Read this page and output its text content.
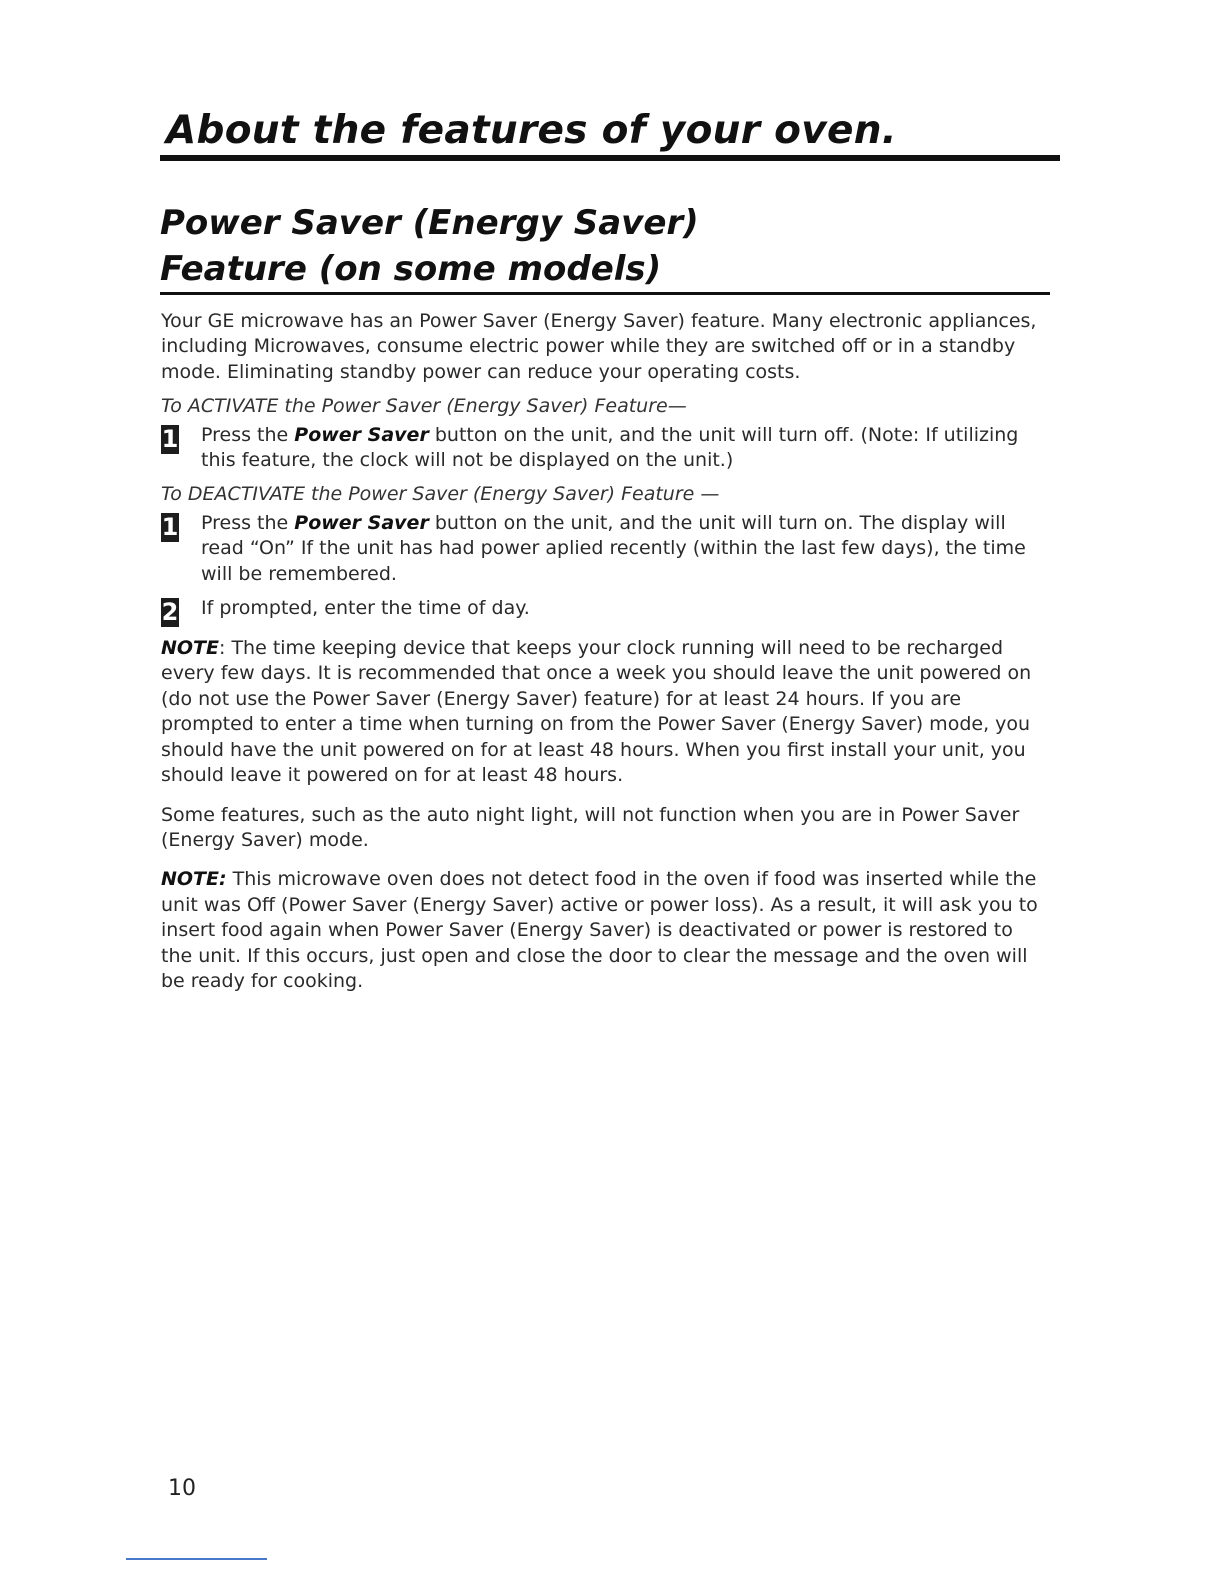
About the features of your oven.
Power Saver (Energy Saver)
Feature (on some models)

Your GE microwave has an Power Saver (Energy Saver) feature. Many electronic appliances, including Microwaves, consume electric power while they are switched off or in a standby mode. Eliminating standby power can reduce your operating costs.

To ACTIVATE the Power Saver (Energy Saver) Feature—

1 Press the Power Saver button on the unit, and the unit will turn off. (Note: If utilizing this feature, the clock will not be displayed on the unit.)

To DEACTIVATE the Power Saver (Energy Saver) Feature —

1 Press the Power Saver button on the unit, and the unit will turn on. The display will read “On” If the unit has had power aplied recently (within the last few days), the time will be remembered.
2 If prompted, enter the time of day.

NOTE: The time keeping device that keeps your clock running will need to be recharged every few days. It is recommended that once a week you should leave the unit powered on (do not use the Power Saver (Energy Saver) feature) for at least 24 hours. If you are prompted to enter a time when turning on from the Power Saver (Energy Saver) mode, you should have the unit powered on for at least 48 hours. When you first install your unit, you should leave it powered on for at least 48 hours.

Some features, such as the auto night light, will not function when you are in Power Saver (Energy Saver) mode.

NOTE: This microwave oven does not detect food in the oven if food was inserted while the unit was Off (Power Saver (Energy Saver) active or power loss). As a result, it will ask you to insert food again when Power Saver (Energy Saver) is deactivated or power is restored to the unit. If this occurs, just open and close the door to clear the message and the oven will be ready for cooking.

10
